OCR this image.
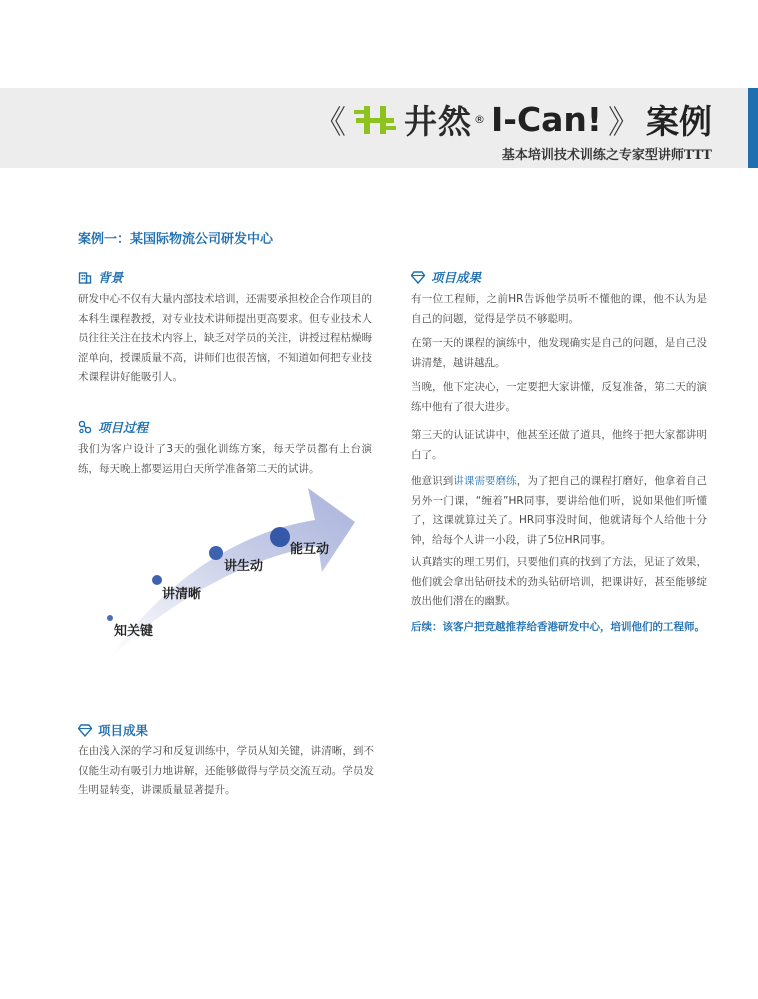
《 井然 ® I-Can! 》 案例
基本培训技术训练之专家型讲师TTT
案例一：某国际物流公司研发中心
背景

研发中心不仅有大量内部技术培训，还需要承担校企合作项目的本科生课程教授，对专业技术讲师提出更高要求。但专业技术人员往往关注在技术内容上，缺乏对学员的关注，讲授过程枯燥晦涩单向，授课质量不高，讲师们也很苦恼，不知道如何把专业技术课程讲好能吸引人。

项目过程

我们为客户设计了3天的强化训练方案，每天学员都有上台演练，每天晚上都要运用白天所学准备第二天的试讲。

知关键
讲清晰
讲生动
能互动
项目成果

在由浅入深的学习和反复训练中，学员从知关键，讲清晰，到不仅能生动有吸引力地讲解，还能够做得与学员交流互动。学员发生明显转变，讲课质量显著提升。

项目成果

有一位工程师，之前HR告诉他学员听不懂他的课，他不认为是自己的问题，觉得是学员不够聪明。

在第一天的课程的演练中，他发现确实是自己的问题，是自己没讲清楚，越讲越乱。

当晚，他下定决心，一定要把大家讲懂，反复准备，第二天的演练中他有了很大进步。

第三天的认证试讲中，他甚至还做了道具，他终于把大家都讲明白了。

他意识到讲课需要磨练，为了把自己的课程打磨好，他拿着自己另外一门课，“缠着”HR同事，要讲给他们听，说如果他们听懂了，这课就算过关了。HR同事没时间，他就请每个人给他十分钟，给每个人讲一小段，讲了5位HR同事。

认真踏实的理工男们，只要他们真的找到了方法，见证了效果，他们就会拿出钻研技术的劲头钻研培训，把课讲好，甚至能够绽放出他们潜在的幽默。

后续：该客户把竞越推荐给香港研发中心，培训他们的工程师。
